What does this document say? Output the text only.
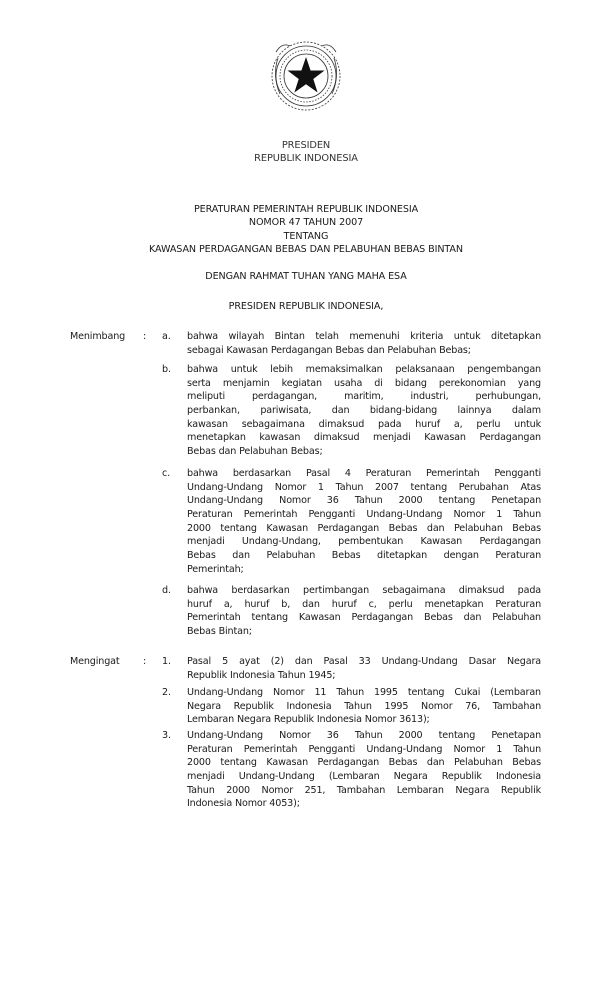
PRESIDEN
REPUBLIK INDONESIA
PERATURAN PEMERINTAH REPUBLIK INDONESIA
NOMOR 47 TAHUN 2007
TENTANG
KAWASAN PERDAGANGAN BEBAS DAN PELABUHAN BEBAS BINTAN
DENGAN RAHMAT TUHAN YANG MAHA ESA
PRESIDEN REPUBLIK INDONESIA,
Menimbang : a. bahwa wilayah Bintan telah memenuhi kriteria untuk ditetapkan
sebagai Kawasan Perdagangan Bebas dan Pelabuhan Bebas;
b. bahwa untuk lebih memaksimalkan pelaksanaan pengembangan
serta menjamin kegiatan usaha di bidang perekonomian yang
meliputi perdagangan, maritim, industri, perhubungan,
perbankan, pariwisata, dan bidang-bidang lainnya dalam
kawasan sebagaimana dimaksud pada huruf a, perlu untuk
menetapkan kawasan dimaksud menjadi Kawasan Perdagangan
Bebas dan Pelabuhan Bebas;
c. bahwa berdasarkan Pasal 4 Peraturan Pemerintah Pengganti
Undang-Undang Nomor 1 Tahun 2007 tentang Perubahan Atas
Undang-Undang Nomor 36 Tahun 2000 tentang Penetapan
Peraturan Pemerintah Pengganti Undang-Undang Nomor 1 Tahun
2000 tentang Kawasan Perdagangan Bebas dan Pelabuhan Bebas
menjadi Undang-Undang, pembentukan Kawasan Perdagangan
Bebas dan Pelabuhan Bebas ditetapkan dengan Peraturan
Pemerintah;
d. bahwa berdasarkan pertimbangan sebagaimana dimaksud pada
huruf a, huruf b, dan huruf c, perlu menetapkan Peraturan
Pemerintah tentang Kawasan Perdagangan Bebas dan Pelabuhan
Bebas Bintan;
Mengingat : 1. Pasal 5 ayat (2) dan Pasal 33 Undang-Undang Dasar Negara
Republik Indonesia Tahun 1945;
2. Undang-Undang Nomor 11 Tahun 1995 tentang Cukai (Lembaran
Negara Republik Indonesia Tahun 1995 Nomor 76, Tambahan
Lembaran Negara Republik Indonesia Nomor 3613);
3. Undang-Undang Nomor 36 Tahun 2000 tentang Penetapan
Peraturan Pemerintah Pengganti Undang-Undang Nomor 1 Tahun
2000 tentang Kawasan Perdagangan Bebas dan Pelabuhan Bebas
menjadi Undang-Undang (Lembaran Negara Republik Indonesia
Tahun 2000 Nomor 251, Tambahan Lembaran Negara Republik
Indonesia Nomor 4053);
